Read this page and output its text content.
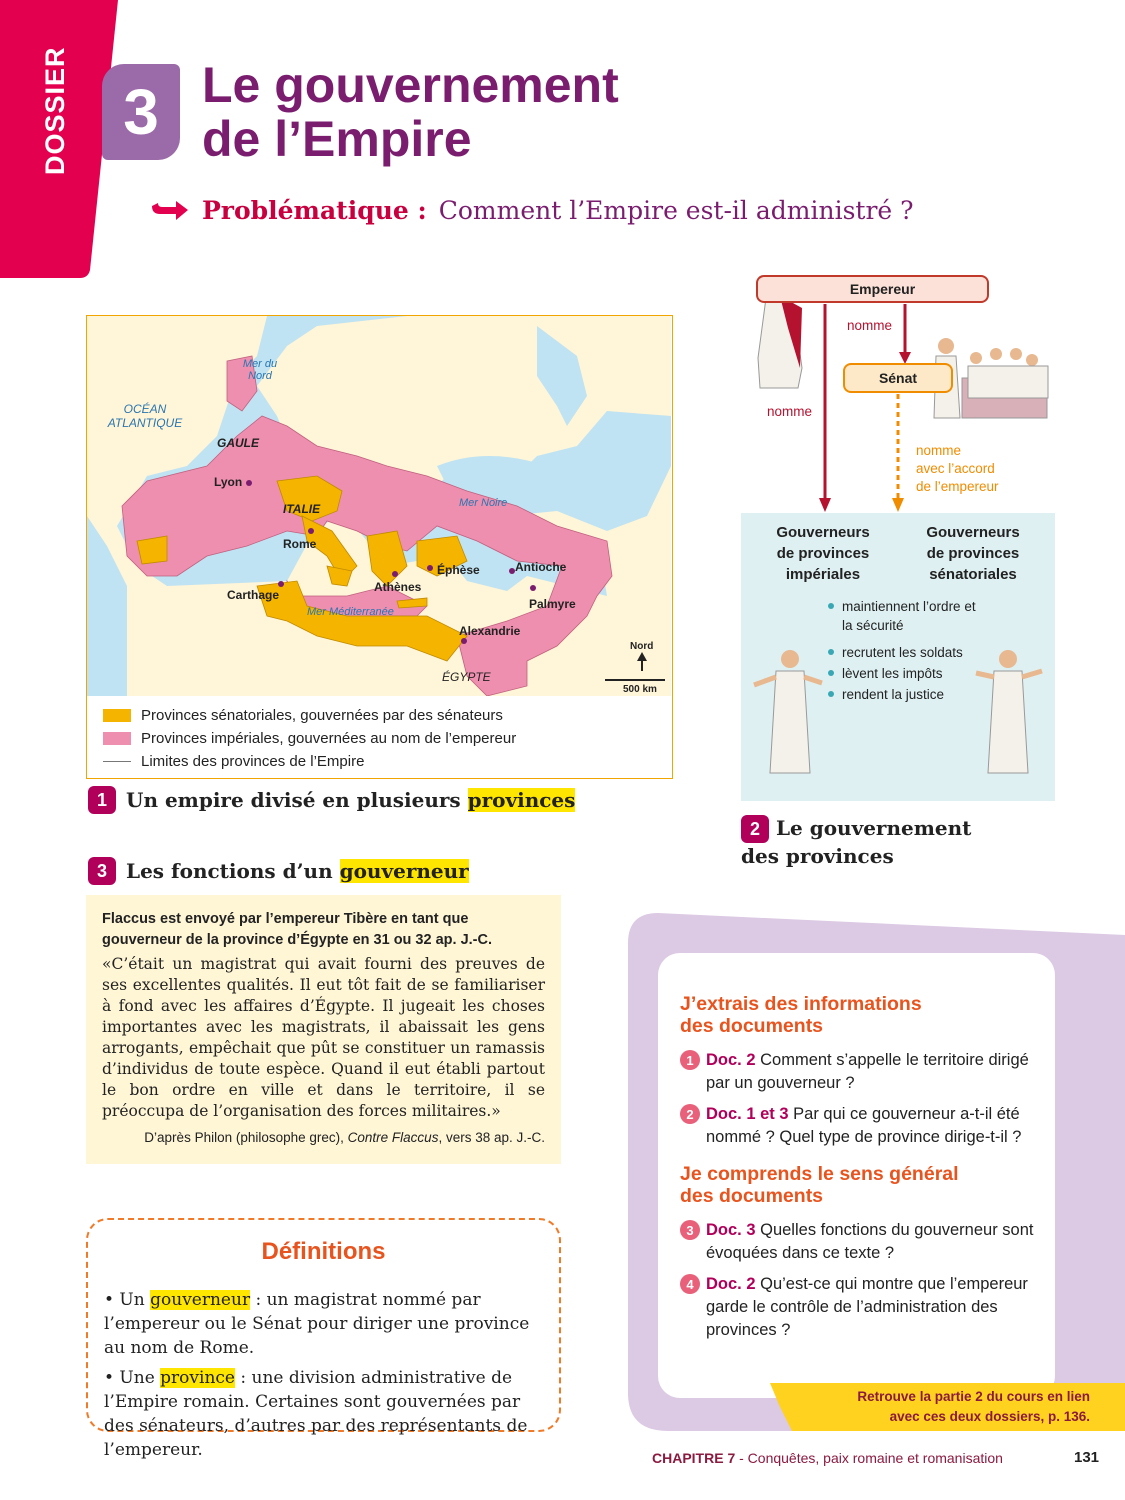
DOSSIER 3 Le gouvernement
de l’Empire
Problématique : Comment l’Empire est-il administré ?
Mer du Nord
OCÉAN ATLANTIQUE
Mer Noire
Mer Méditerranée
GAULE
ITALIE
ÉGYPTE
Lyon
Rome
Carthage
Athènes
Éphèse	Antioche
Palmyre
Alexandrie
Nord
500 km
Provinces sénatoriales, gouvernées par des sénateurs
Provinces impériales, gouvernées au nom de l’empereur
Limites des provinces de l’Empire
1 Un empire divisé en plusieurs provinces
Empereur
Sénat
nomme
nomme
nomme
avec l’accord
de l’empereur
Gouverneurs
de provinces
impériales
Gouverneurs
de provinces
sénatoriales
maintiennent l’ordre et la sécurité
recrutent les soldats
lèvent les impôts
rendent la justice
2 Le gouvernement
des provinces
3 Les fonctions d’un gouverneur
Flaccus est envoyé par l’empereur Tibère en tant que gouverneur de la province d’Égypte en 31 ou 32 ap. J.-C.
«C’était un magistrat qui avait fourni des preuves de ses excellentes qualités. Il eut tôt fait de se familiariser à fond avec les affaires d’Égypte. Il jugeait les choses importantes avec les magistrats, il abaissait les gens arrogants, empêchait que pût se constituer un ramassis d’individus de toute espèce. Quand il eut établi partout le bon ordre en ville et dans le territoire, il se préoccupa de l’organisation des forces militaires.»
D’après Philon (philosophe grec), Contre Flaccus, vers 38 ap. J.-C.
Définitions
• Un gouverneur : un magistrat nommé par l’empereur ou le Sénat pour diriger une province au nom de Rome.
• Une province : une division administrative de l’Empire romain. Certaines sont gouvernées par des sénateurs, d’autres par des représentants de l’empereur.
J’extrais des informations
des documents
1 Doc. 2 Comment s’appelle le territoire dirigé par un gouverneur ?
2 Doc. 1 et 3 Par qui ce gouverneur a-t-il été nommé ? Quel type de province dirige-t-il ?
Je comprends le sens général
des documents
3 Doc. 3 Quelles fonctions du gouverneur sont évoquées dans ce texte ?
4 Doc. 2 Qu’est-ce qui montre que l’empereur garde le contrôle de l’administration des provinces ?
Retrouve la partie 2 du cours en lien
avec ces deux dossiers, p. 136.
CHAPITRE 7 - Conquêtes, paix romaine et romanisation	131
